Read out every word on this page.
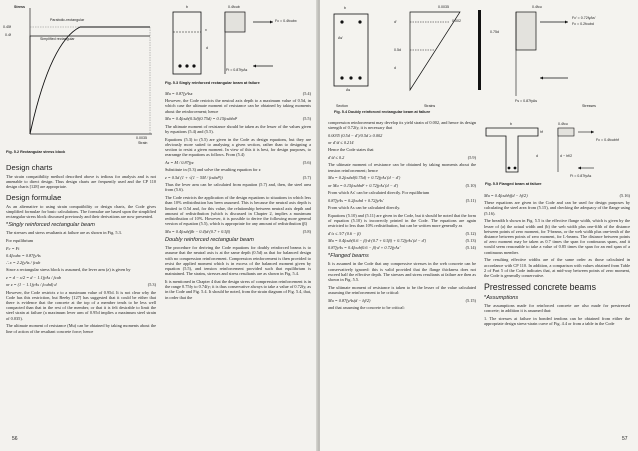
Stress
Parabolic-rectangular
0.45f
0.4f
Simplified rectangular
0.0035
Strain
Fig. 5.2 Rectangular stress block
Design charts

The strain compatibility method described above is tedious for analysis and is not amenable to direct design. Thus design charts are frequently used and the CP 110 design charts [128] are appropriate.

Design formulae

As an alternative to using strain compatibility or design charts, the Code gives simplified formulae for basic calculations. The formulae are based upon the simplified rectangular stress block discussed previously and their derivations are now presented.

*Singly reinforced rectangular beam

The stresses and stress resultants at failure are as shown in Fig. 5.3.

For equilibrium

Fc = Ft
0.4fcubx = 0.87fyAs
∴ x = 2.2fyAs / fcub

Since a rectangular stress block is assumed, the lever arm (z) is given by

z = d − x/2 = d − 1.1fyAs / fcub
or z = (1 − 1.1fyAs / fcubd) d	(5.3)

However, the Code restricts z to a maximum value of 0.95d. It is not clear why the Code has this restriction, but Beeby [127] has suggested that it could be either that there is evidence that the concrete at the top of a member tends to be less well compacted than that in the rest of the member, or that it is felt desirable to limit the steel strain at failure (a maximum lever arm of 0.95d implies a maximum steel strain of 0.035).

The ultimate moment of resistance (Mu) can be obtained by taking moments about the line of action of the resultant concrete force; hence

56
b	0.4fcub
x
d
Fc = 0.4fcubx
Ft = 0.87fyAs
Fig. 5.3 Singly reinforced rectangular beam at failure
Mu = 0.87fyAsz	(5.4)

However, the Code restricts the neutral axis depth to a maximum value of 0.5d, in which case the ultimate moment of resistance can be obtained by taking moments about the reinforcement; hence

Mu = 0.4fcub(0.5d)(0.75d) = 0.15fcubbd²	(5.5)

The ultimate moment of resistance should be taken as the lesser of the values given by equations (5.4) and (5.5).

Equations (5.3) to (5.5) are given in the Code as design equations, but they are obviously more suited to analysing a given section, rather than to designing a section to resist a given moment. In view of this it is best, for design purposes, to rearrange the equations as follows. From (5.4)

As = M / 0.87fyz	(5.6)

Substitute in (5.3) and solve the resulting equation for z

z = 0.5d (1 + √(1 − 5M / fcubd²))	(5.7)

Thus the lever arm can be calculated from equation (5.7) and, then, the steel area from (5.6).

The Code restricts the application of the design equations to situations in which less than 10% redistribution has been assumed. This is because the neutral axis depth is limited to 0.5d and, for this value, the relationship between neutral axis depth and amount of redistribution (which is discussed in Chapter 2, implies a maximum redistribution of 10%. However, it is possible to derive the following more general version of equation (5.5), which is appropriate for any amount of redistribution (β)

Mu = 0.4fcub(βb − 0.4)d·(0.7 + 0.5β)	(5.8)
Doubly reinforced rectangular beam

The procedure for deriving the Code equations for doubly reinforced beams is to assume that the neutral axis is at the same depth (0.5d) as that for balanced design with no compression reinforcement. Compression reinforcement is then provided to resist the applied moment which is in excess of the balanced moment given by equation (5.5), and tension reinforcement provided such that equilibrium is maintained. The strains, stresses and stress resultants are as shown in Fig. 5.4.

It is mentioned in Chapter 4 that the design stress of compression reinforcement is in the range 0.75fy to 0.74fy; it is thus conservative always to take a value of 0.72fy, as in the Code and Fig. 5.4. It should be noted, from the strain diagram of Fig. 5.4, that, in order that the

b
As′
As
d′
0.5d
d
0.0035
0.002
0.75d
0.4fcu
Fc′ = 0.72fyAs′
Fc = 0.2fcubd
Fs = 0.87fyAs
Section	Strains	Stresses
Fig. 5.4 Doubly reinforced rectangular beam at failure

compression reinforcement may develop its yield strain of 0.002, and hence its design strength of 0.72fy, it is necessary that

0.0035 (0.5d − d′)/0.5d ≥ 0.002
or d′/d ≤ 0.214

Hence the Code states that

d′/d ≤ 0.2	(5.9)

The ultimate moment of resistance can be obtained by taking moments about the tension reinforcement; hence

Mu = 0.2fcubd(0.75d) + 0.72fyAs′(d − d′)
or Mu = 0.15fcubbd² + 0.72fyAs′(d − d′)	(5.10)

From which As′ can be calculated directly. For equilibrium

0.87fyAs = 0.2fcubd + 0.72fyAs′	(5.11)

From which As can be calculated directly.

Equations (5.10) and (5.11) are given in the Code, but it should be noted that the form of equation (5.10) is incorrectly printed in the Code. The equations are again restricted to less than 10% redistribution, but can be written more generally as

d′/x ≤ 3/7 (0.6 − β)	(5.12)
Mu = 0.4fcub(0.6 − β)·d·(0.7 + 0.5β) + 0.72fyAs′(d − d′)	(5.13)
0.87fyAs = 0.4fcub(0.6 − β)·d + 0.72fyAs′	(5.14)
*Flanged beams

It is assumed in the Code that any compressive stresses in the web concrete can be conservatively ignored: this is valid provided that the flange thickness does not exceed half the effective depth. The stresses and stress resultants at failure are then as shown in Fig. 5.5.

The ultimate moment of resistance is taken to be the lesser of the value calculated assuming the reinforcement to be critical:

Mu = 0.87fyAs(d − hf/2)	(5.15)

and that assuming the concrete to be critical:

b
hf
0.4fcu
Fc = 0.4fcubhf
d − hf/2
d
Ft = 0.87fyAs
Fig. 5.5 Flanged beam at failure
Mu = 0.4fcubhf(d − hf/2)	(5.16)

These equations are given in the Code and can be used for design purposes by calculating the steel area from (5.15), and checking the adequacy of the flange using (5.16).

The breadth b shown in Fig. 5.5 is the effective flange width, which is given by the lesser of (a) the actual width and (b) the web width plus one-fifth of the distance between points of zero moment, for T-beams, or the web width plus one-tenth of the distance between points of zero moment, for L-beams. The distance between points of zero moment may be taken as 0.7 times the span for continuous spans, and it would seem reasonable to take a value of 0.85 times the span for an end span of a continuous member.

The resulting effective widths are of the same order as those calculated in accordance with CP 110. In addition, a comparison with values obtained from Table 2 of Part 5 of the Code indicates that, at mid-way between points of zero moment, the Code is generally conservative.

Prestressed concrete beams
*Assumptions

The assumptions made for reinforced concrete are also made for prestressed concrete; in addition it is assumed that:

1. The stresses at failure in bonded tendons can be obtained from either the appropriate design stress-strain curve of Fig. 4.4 or from a table in the Code

57
